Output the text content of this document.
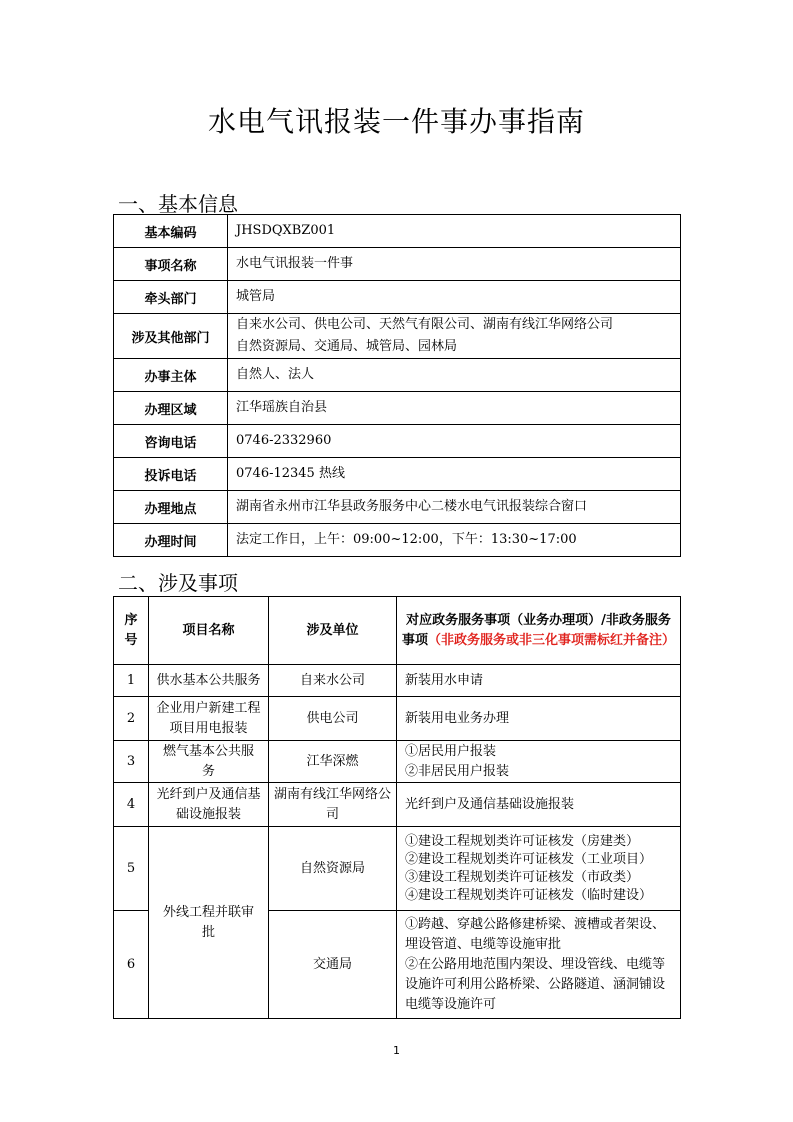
水电气讯报装一件事办事指南
一、基本信息
基本编码	JHSDQXBZ001
事项名称	水电气讯报装一件事
牵头部门	城管局
涉及其他部门	自来水公司、供电公司、天然气有限公司、湖南有线江华网络公司
自然资源局、交通局、城管局、园林局

办事主体	自然人、法人
办理区域	江华瑶族自治县
咨询电话	0746-2332960
投诉电话	0746-12345 热线
办理地点	湖南省永州市江华县政务服务中心二楼水电气讯报装综合窗口
办理时间	法定工作日，上午：09:00~12:00，下午：13:30~17:00
二、涉及事项
序号	项目名称	涉及单位	对应政务服务事项（业务办理项）/非政务服务事项（非政务服务或非三化事项需标红并备注）
1	供水基本公共服务	自来水公司	新装用水申请
2	企业用户新建工程项目用电报装	供电公司	新装用电业务办理
3	燃气基本公共服务	江华深燃	①居民用户报装
②非居民用户报装

4	光纤到户及通信基础设施报装	湖南有线江华网络公司	光纤到户及通信基础设施报装
5	外线工程并联审批	自然资源局	①建设工程规划类许可证核发（房建类）
②建设工程规划类许可证核发（工业项目）
③建设工程规划类许可证核发（市政类）
④建设工程规划类许可证核发（临时建设）

6		交通局	①跨越、穿越公路修建桥梁、渡槽或者架设、埋设管道、电缆等设施审批
②在公路用地范围内架设、埋设管线、电缆等设施许可利用公路桥梁、公路隧道、涵洞铺设电缆等设施许可
1
